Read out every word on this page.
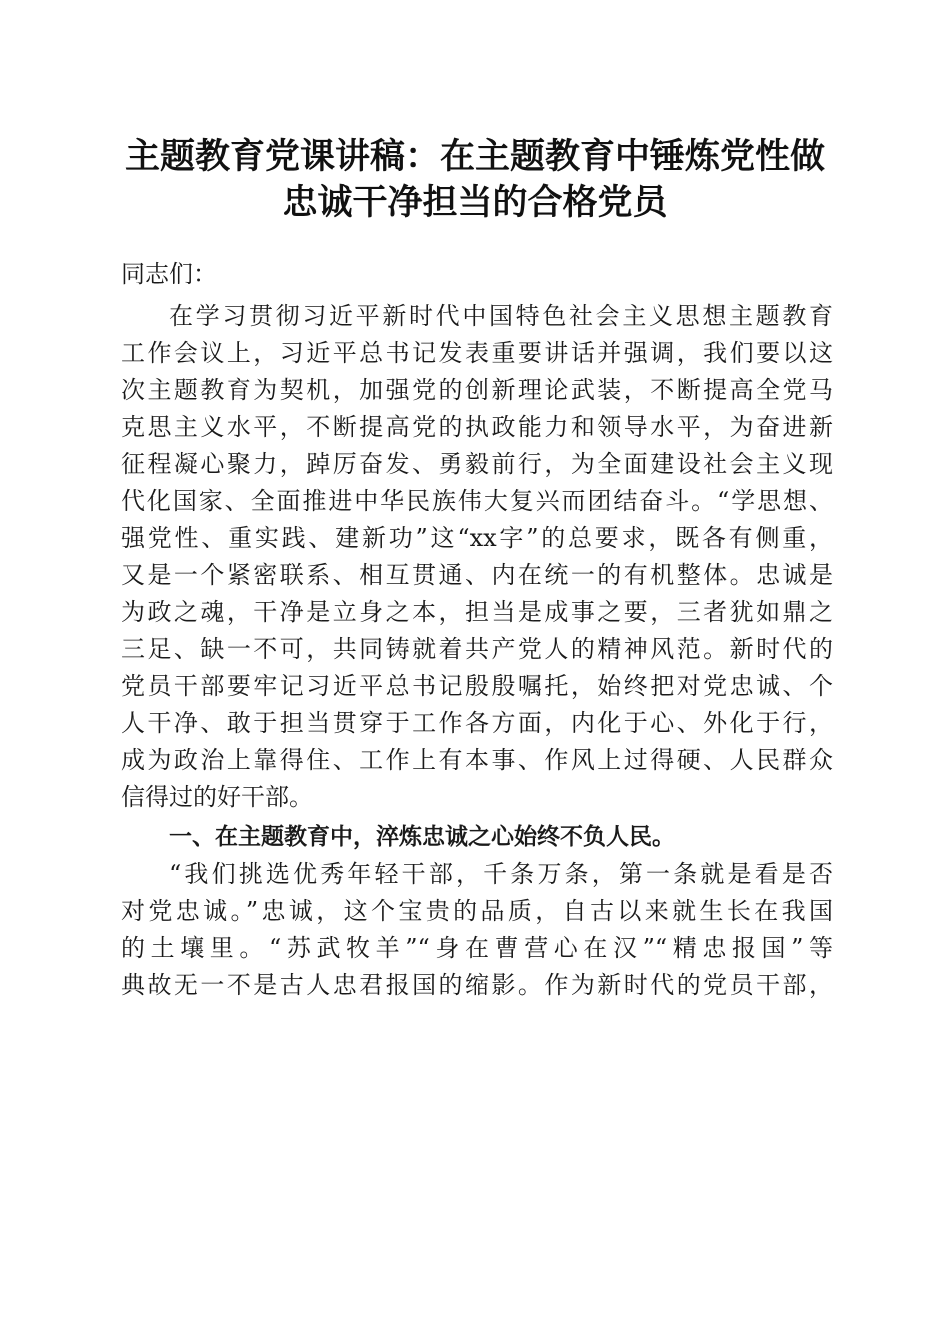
主题教育党课讲稿：在主题教育中锤炼党性做
忠诚干净担当的合格党员
同志们：
在学习贯彻习近平新时代中国特色社会主义思想主题教育
工作会议上，习近平总书记发表重要讲话并强调，我们要以这
次主题教育为契机，加强党的创新理论武装，不断提高全党马
克思主义水平，不断提高党的执政能力和领导水平，为奋进新
征程凝心聚力，踔厉奋发、勇毅前行，为全面建设社会主义现
代化国家、全面推进中华民族伟大复兴而团结奋斗。“学思想、
强党性、重实践、建新功”这“xx字”的总要求，既各有侧重，
又是一个紧密联系、相互贯通、内在统一的有机整体。忠诚是
为政之魂，干净是立身之本，担当是成事之要，三者犹如鼎之
三足、缺一不可，共同铸就着共产党人的精神风范。新时代的
党员干部要牢记习近平总书记殷殷嘱托，始终把对党忠诚、个
人干净、敢于担当贯穿于工作各方面，内化于心、外化于行，
成为政治上靠得住、工作上有本事、作风上过得硬、人民群众
信得过的好干部。
一、在主题教育中，淬炼忠诚之心始终不负人民。
“我们挑选优秀年轻干部，千条万条，第一条就是看是否
对党忠诚。”忠诚，这个宝贵的品质，自古以来就生长在我国
的土壤里。“苏武牧羊”“身在曹营心在汉”“精忠报国”等
典故无一不是古人忠君报国的缩影。作为新时代的党员干部，
